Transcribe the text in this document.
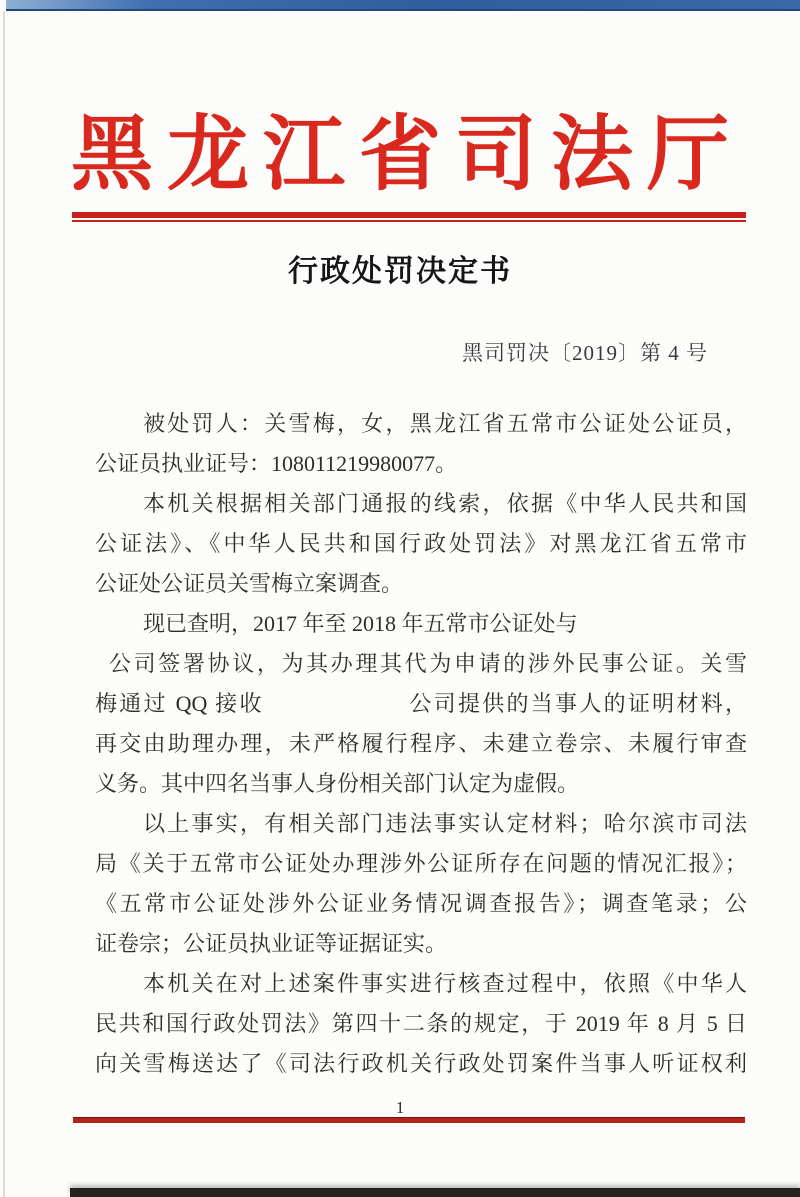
黑龙江省司法厅
行政处罚决定书
黑司罚决〔2019〕第 4 号
被处罚人：关雪梅，女，黑龙江省五常市公证处公证员，
公证员执业证号：108011219980077。
本机关根据相关部门通报的线索，依据《中华人民共和国
公证法》、《中华人民共和国行政处罚法》对黑龙江省五常市
公证处公证员关雪梅立案调查。
现已查明，2017 年至 2018 年五常市公证处与
公司签署协议，为其办理其代为申请的涉外民事公证。关雪
梅通过 QQ 接收　　　　　　公司提供的当事人的证明材料，
再交由助理办理，未严格履行程序、未建立卷宗、未履行审查
义务。其中四名当事人身份相关部门认定为虚假。
以上事实，有相关部门违法事实认定材料；哈尔滨市司法
局《关于五常市公证处办理涉外公证所存在问题的情况汇报》；
《五常市公证处涉外公证业务情况调查报告》；调查笔录；公
证卷宗；公证员执业证等证据证实。
本机关在对上述案件事实进行核查过程中，依照《中华人
民共和国行政处罚法》第四十二条的规定，于 2019 年 8 月 5 日
向关雪梅送达了《司法行政机关行政处罚案件当事人听证权利
1
